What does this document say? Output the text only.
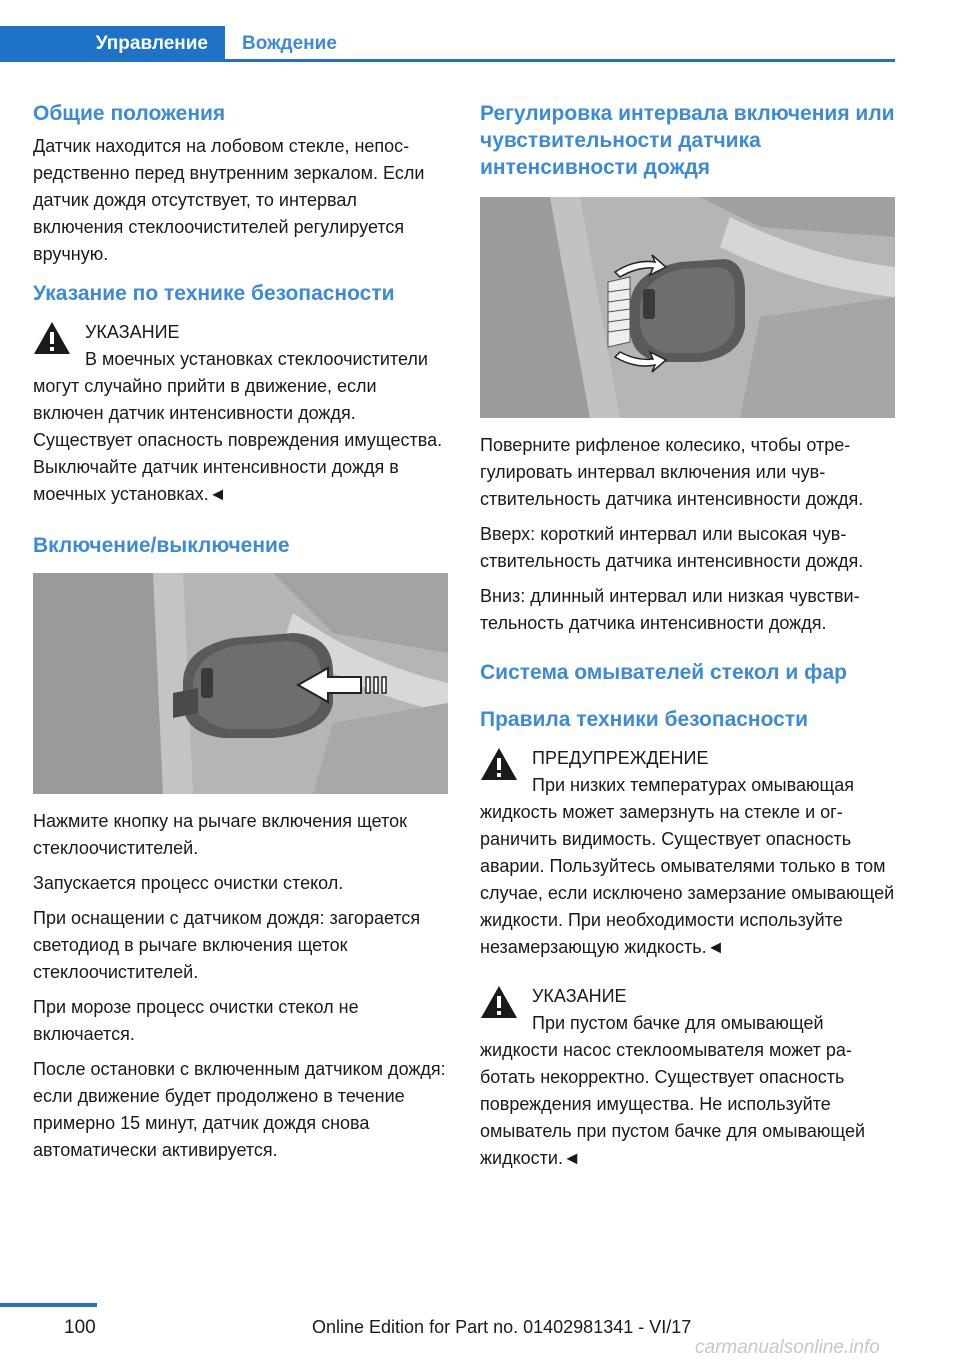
Управление	Вождение
Общие положения

Датчик находится на лобовом стекле, непосредственно перед внутренним зеркалом. Если датчик дождя отсутствует, то интервал включения стеклоочистителей регулируется вручную.

Указание по технике безопасности
УКАЗАНИЕ

В моечных установках стеклоочистители могут случайно прийти в движение, если включен датчик интенсивности дождя. Существует опасность повреждения имущества. Выключайте датчик интенсивности дождя в моечных установках.◄

Включение/выключение

Нажмите кнопку на рычаге включения щеток стеклоочистителей.

Запускается процесс очистки стекол.

При оснащении с датчиком дождя: загорается светодиод в рычаге включения щеток стеклоочистителей.

При морозе процесс очистки стекол не включается.

После остановки с включенным датчиком дождя: если движение будет продолжено в течение примерно 15 минут, датчик дождя снова автоматически активируется.

Регулировка интервала включения или чувствительности датчика интенсивности дождя

Поверните рифленое колесико, чтобы отрегулировать интервал включения или чувствительность датчика интенсивности дождя.

Вверх: короткий интервал или высокая чувствительность датчика интенсивности дождя.

Вниз: длинный интервал или низкая чувствительность датчика интенсивности дождя.

Система омывателей стекол и фар
Правила техники безопасности
ПРЕДУПРЕЖДЕНИЕ

При низких температурах омывающая жидкость может замерзнуть на стекле и ограничить видимость. Существует опасность аварии. Пользуйтесь омывателями только в том случае, если исключено замерзание омывающей жидкости. При необходимости используйте незамерзающую жидкость.◄

УКАЗАНИЕ

При пустом бачке для омывающей жидкости насос стеклоомывателя может работать некорректно. Существует опасность повреждения имущества. Не используйте омыватель при пустом бачке для омывающей жидкости.◄

100	Online Edition for Part no. 01402981341 - VI/17
carmanualsonline.info
